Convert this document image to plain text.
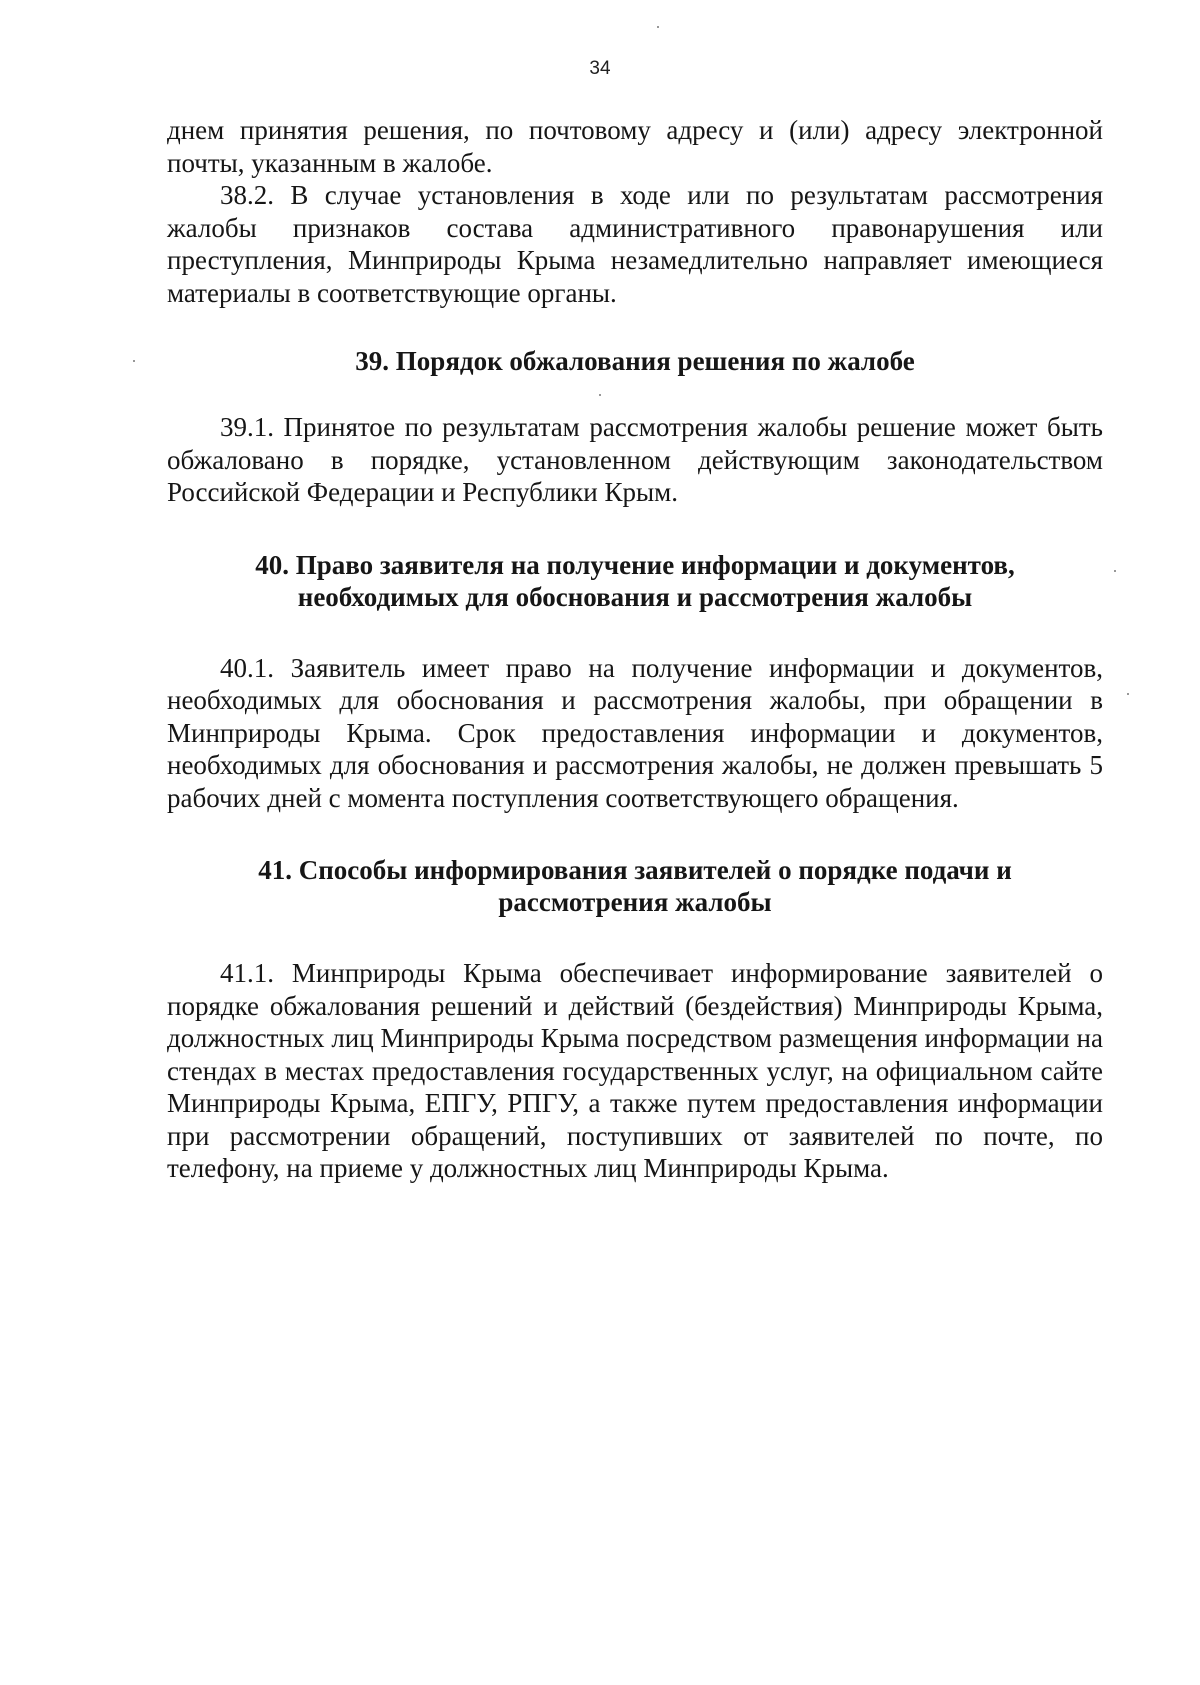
34

днем принятия решения, по почтовому адресу и (или) адресу электронной почты, указанным в жалобе.

38.2. В случае установления в ходе или по результатам рассмотрения жалобы признаков состава административного правонарушения или преступления, Минприроды Крыма незамедлительно направляет имеющиеся материалы в соответствующие органы.

39. Порядок обжалования решения по жалобе

39.1. Принятое по результатам рассмотрения жалобы решение может быть обжаловано в порядке, установленном действующим законодательством Российской Федерации и Республики Крым.

40. Право заявителя на получение информации и документов,
необходимых для обоснования и рассмотрения жалобы

40.1. Заявитель имеет право на получение информации и документов, необходимых для обоснования и рассмотрения жалобы, при обращении в Минприроды Крыма. Срок предоставления информации и документов, необходимых для обоснования и рассмотрения жалобы, не должен превышать 5 рабочих дней с момента поступления соответствующего обращения.

41. Способы информирования заявителей о порядке подачи и
рассмотрения жалобы

41.1. Минприроды Крыма обеспечивает информирование заявителей о порядке обжалования решений и действий (бездействия) Минприроды Крыма, должностных лиц Минприроды Крыма посредством размещения информации на стендах в местах предоставления государственных услуг, на официальном сайте Минприроды Крыма, ЕПГУ, РПГУ, а также путем предоставления информации при рассмотрении обращений, поступивших от заявителей по почте, по телефону, на приеме у должностных лиц Минприроды Крыма.
